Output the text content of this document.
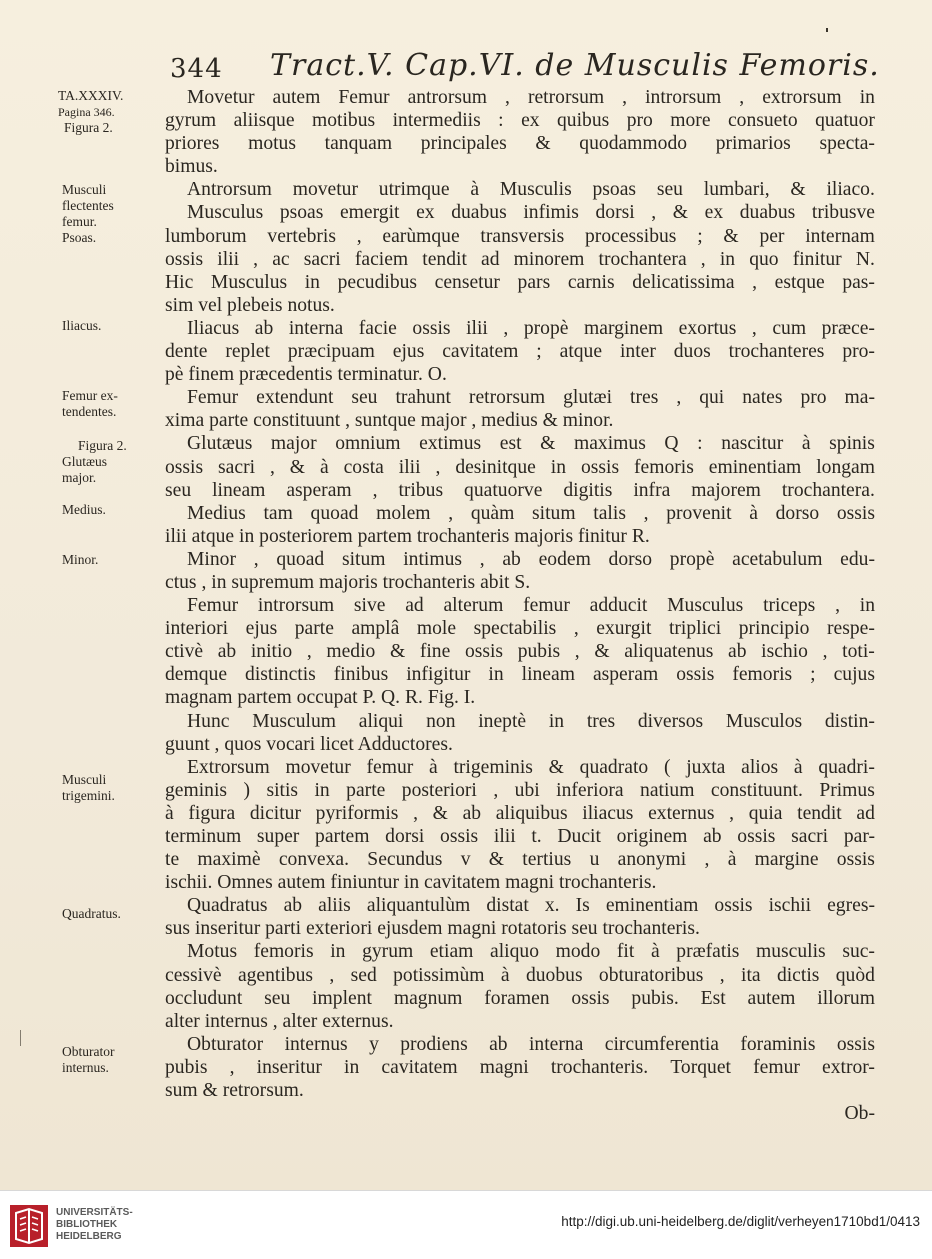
344 Tract.V. Cap.VI. de Musculis Femoris.
TA.XXXIV.
Pagina 346.
Figura 2.
Musculi
flectentes
femur.
Psoas.
Iliacus.
Femur ex-
tendentes.
Figura 2.
Glutæus
major.
Medius.
Minor.
Musculi
trigemini.
Quadratus.
Obturator
internus.
Movetur autem Femur antrorsum , retrorsum , introrsum , extrorsum in
gyrum aliisque motibus intermediis : ex quibus pro more consueto quatuor
priores motus tanquam principales & quodammodo primarios specta-
bimus.
Antrorsum movetur utrimque à Musculis psoas seu lumbari, & iliaco.
Musculus psoas emergit ex duabus infimis dorsi , & ex duabus tribusve
lumborum vertebris , earùmque transversis processibus ; & per internam
ossis ilii , ac sacri faciem tendit ad minorem trochantera , in quo finitur N.
Hic Musculus in pecudibus censetur pars carnis delicatissima , estque pas-
sim vel plebeis notus.
Iliacus ab interna facie ossis ilii , propè marginem exortus , cum præce-
dente replet præcipuam ejus cavitatem ; atque inter duos trochanteres pro-
pè finem præcedentis terminatur. O.
Femur extendunt seu trahunt retrorsum glutæi tres , qui nates pro ma-
xima parte constituunt , suntque major , medius & minor.
Glutæus major omnium extimus est & maximus Q : nascitur à spinis
ossis sacri , & à costa ilii , desinitque in ossis femoris eminentiam longam
seu lineam asperam , tribus quatuorve digitis infra majorem trochantera.
Medius tam quoad molem , quàm situm talis , provenit à dorso ossis
ilii atque in posteriorem partem trochanteris majoris finitur R.
Minor , quoad situm intimus , ab eodem dorso propè acetabulum edu-
ctus , in supremum majoris trochanteris abit S.
Femur introrsum sive ad alterum femur adducit Musculus triceps , in
interiori ejus parte amplâ mole spectabilis , exurgit triplici principio respe-
ctivè ab initio , medio & fine ossis pubis , & aliquatenus ab ischio , toti-
demque distinctis finibus infigitur in lineam asperam ossis femoris ; cujus
magnam partem occupat P. Q. R. Fig. I.
Hunc Musculum aliqui non ineptè in tres diversos Musculos distin-
guunt , quos vocari licet Adductores.
Extrorsum movetur femur à trigeminis & quadrato ( juxta alios à quadri-
geminis ) sitis in parte posteriori , ubi inferiora natium constituunt. Primus
à figura dicitur pyriformis , & ab aliquibus iliacus externus , quia tendit ad
terminum super partem dorsi ossis ilii t. Ducit originem ab ossis sacri par-
te maximè convexa. Secundus v & tertius u anonymi , à margine ossis
ischii. Omnes autem finiuntur in cavitatem magni trochanteris.
Quadratus ab aliis aliquantulùm distat x. Is eminentiam ossis ischii egres-
sus inseritur parti exteriori ejusdem magni rotatoris seu trochanteris.
Motus femoris in gyrum etiam aliquo modo fit à præfatis musculis suc-
cessivè agentibus , sed potissimùm à duobus obturatoribus , ita dictis quòd
occludunt seu implent magnum foramen ossis pubis. Est autem illorum
alter internus , alter externus.
Obturator internus y prodiens ab interna circumferentia foraminis ossis
pubis , inseritur in cavitatem magni trochanteris. Torquet femur extror-
sum & retrorsum.
Ob-
UNIVERSITÄTS-
BIBLIOTHEK
HEIDELBERG
http://digi.ub.uni-heidelberg.de/diglit/verheyen1710bd1/0413
